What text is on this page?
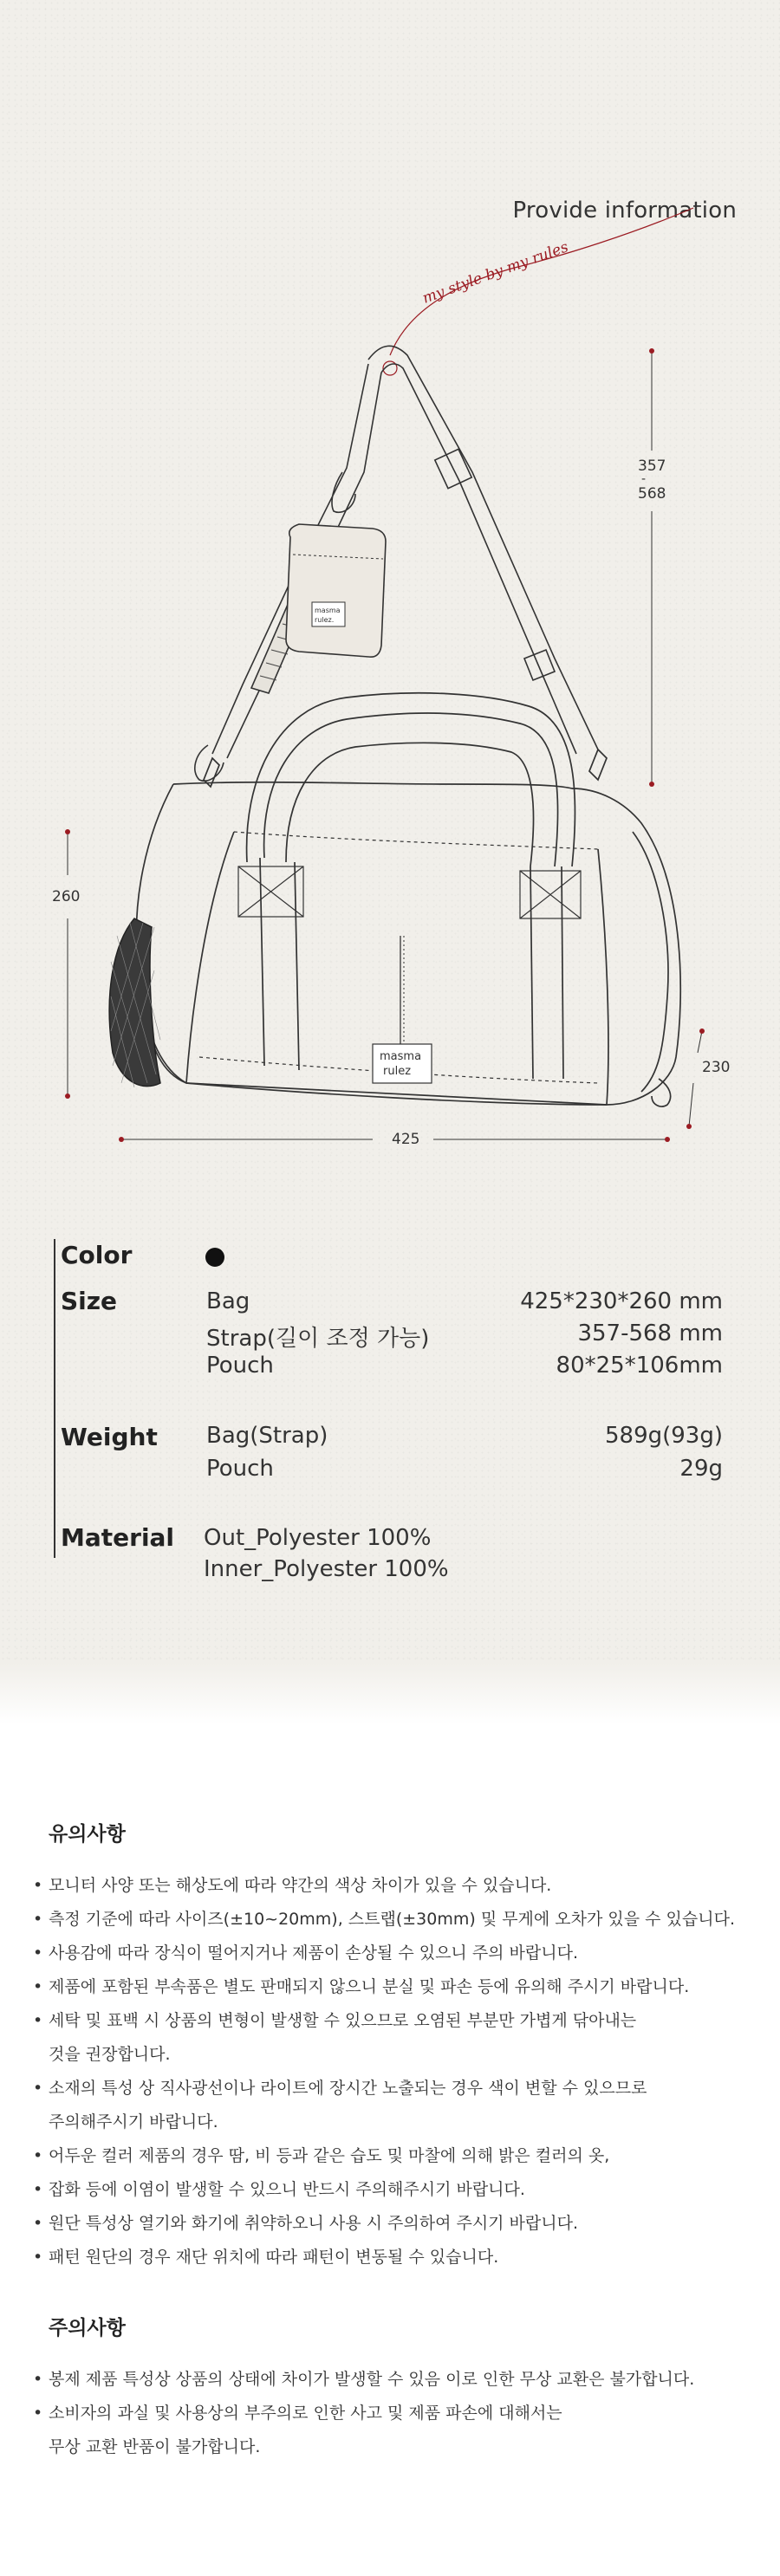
Provide information
my style by my rules
masma
rulez.
masma
rulez
357
-
568
260
230
425
Color
Size	Bag	425*230*260 mm
Strap(길이 조정 가능)	357-568 mm
Pouch	80*25*106mm
Weight Bag(Strap)	589g(93g)
Pouch	29g
Material Out_Polyester 100%
Inner_Polyester 100%
유의사항
• 모니터 사양 또는 해상도에 따라 약간의 색상 차이가 있을 수 있습니다.
• 측정 기준에 따라 사이즈(±10~20mm), 스트랩(±30mm) 및 무게에 오차가 있을 수 있습니다.
• 사용감에 따라 장식이 떨어지거나 제품이 손상될 수 있으니 주의 바랍니다.
• 제품에 포함된 부속품은 별도 판매되지 않으니 분실 및 파손 등에 유의해 주시기 바랍니다.
• 세탁 및 표백 시 상품의 변형이 발생할 수 있으므로 오염된 부분만 가볍게 닦아내는
것을 권장합니다.
• 소재의 특성 상 직사광선이나 라이트에 장시간 노출되는 경우 색이 변할 수 있으므로
주의해주시기 바랍니다.
• 어두운 컬러 제품의 경우 땀, 비 등과 같은 습도 및 마찰에 의해 밝은 컬러의 옷,
• 잡화 등에 이염이 발생할 수 있으니 반드시 주의해주시기 바랍니다.
• 원단 특성상 열기와 화기에 취약하오니 사용 시 주의하여 주시기 바랍니다.
• 패턴 원단의 경우 재단 위치에 따라 패턴이 변동될 수 있습니다.
주의사항
• 봉제 제품 특성상 상품의 상태에 차이가 발생할 수 있음 이로 인한 무상 교환은 불가합니다.
• 소비자의 과실 및 사용상의 부주의로 인한 사고 및 제품 파손에 대해서는
무상 교환 반품이 불가합니다.
